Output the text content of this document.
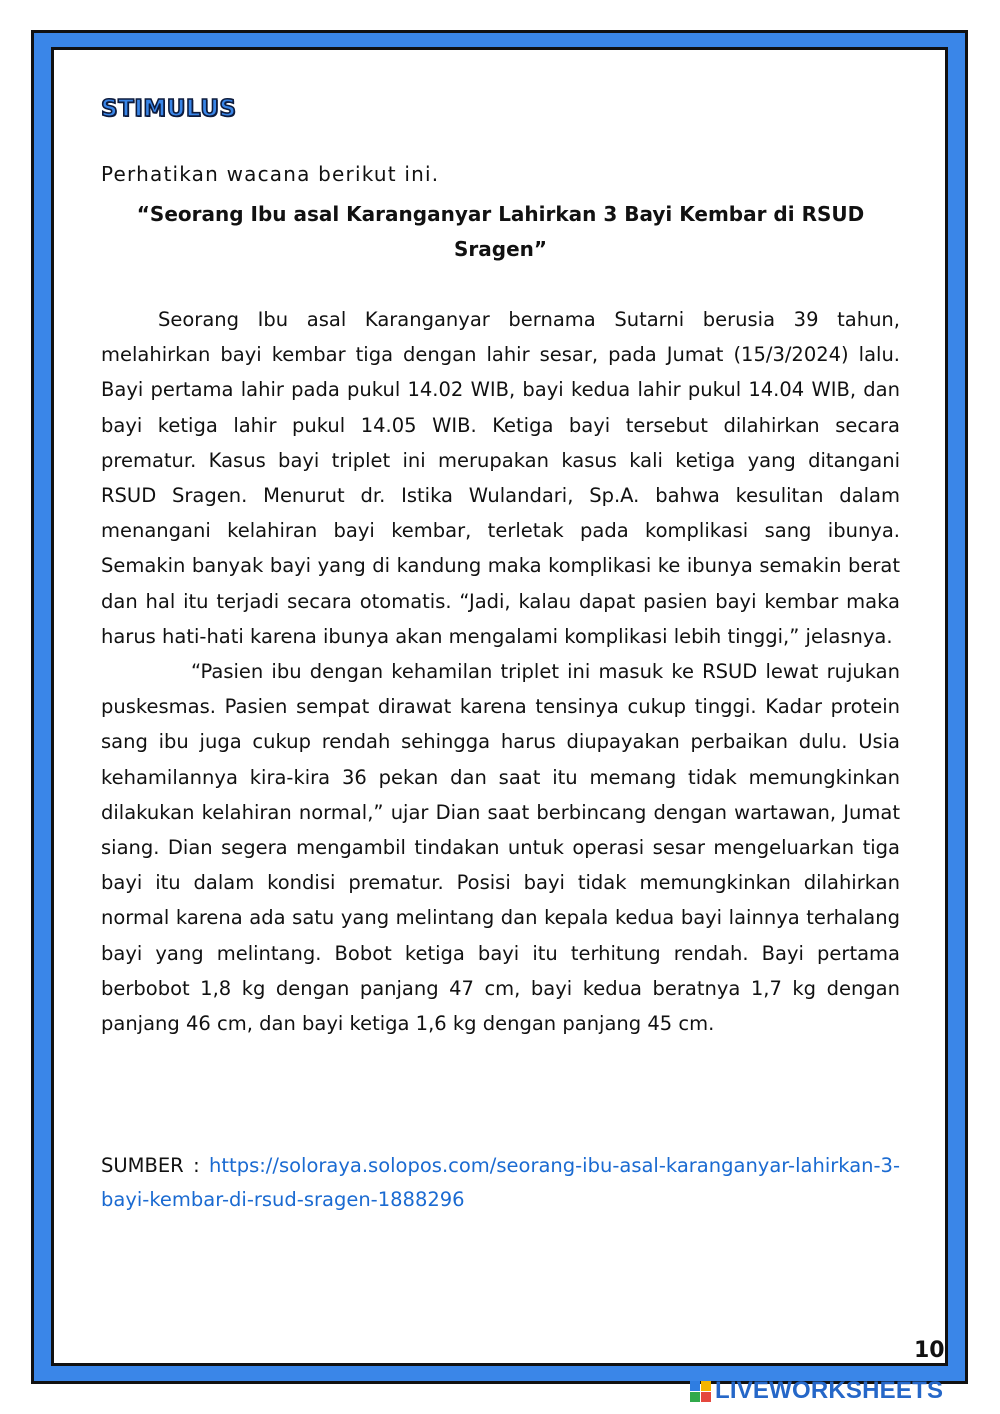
STIMULUS

Perhatikan wacana berikut ini.

“Seorang Ibu asal Karanganyar Lahirkan 3 Bayi Kembar di RSUD Sragen”

Seorang Ibu asal Karanganyar bernama Sutarni berusia 39 tahun, melahirkan bayi kembar tiga dengan lahir sesar, pada Jumat (15/3/2024) lalu. Bayi pertama lahir pada pukul 14.02 WIB, bayi kedua lahir pukul 14.04 WIB, dan bayi ketiga lahir pukul 14.05 WIB. Ketiga bayi tersebut dilahirkan secara prematur. Kasus bayi triplet ini merupakan kasus kali ketiga yang ditangani RSUD Sragen. Menurut dr. Istika Wulandari, Sp.A. bahwa kesulitan dalam menangani kelahiran bayi kembar, terletak pada komplikasi sang ibunya. Semakin banyak bayi yang di kandung maka komplikasi ke ibunya semakin berat dan hal itu terjadi secara otomatis. “Jadi, kalau dapat pasien bayi kembar maka harus hati-hati karena ibunya akan mengalami komplikasi lebih tinggi,” jelasnya.

“Pasien ibu dengan kehamilan triplet ini masuk ke RSUD lewat rujukan puskesmas. Pasien sempat dirawat karena tensinya cukup tinggi. Kadar protein sang ibu juga cukup rendah sehingga harus diupayakan perbaikan dulu. Usia kehamilannya kira-kira 36 pekan dan saat itu memang tidak memungkinkan dilakukan kelahiran normal,” ujar Dian saat berbincang dengan wartawan, Jumat siang. Dian segera mengambil tindakan untuk operasi sesar mengeluarkan tiga bayi itu dalam kondisi prematur. Posisi bayi tidak memungkinkan dilahirkan normal karena ada satu yang melintang dan kepala kedua bayi lainnya terhalang bayi yang melintang. Bobot ketiga bayi itu terhitung rendah. Bayi pertama berbobot 1,8 kg dengan panjang 47 cm, bayi kedua beratnya 1,7 kg dengan panjang 46 cm, dan bayi ketiga 1,6 kg dengan panjang 45 cm.

SUMBER : https://soloraya.solopos.com/seorang-ibu-asal-karanganyar-lahirkan-3-bayi-kembar-di-rsud-sragen-1888296

10
LIVEWORKSHEETS
